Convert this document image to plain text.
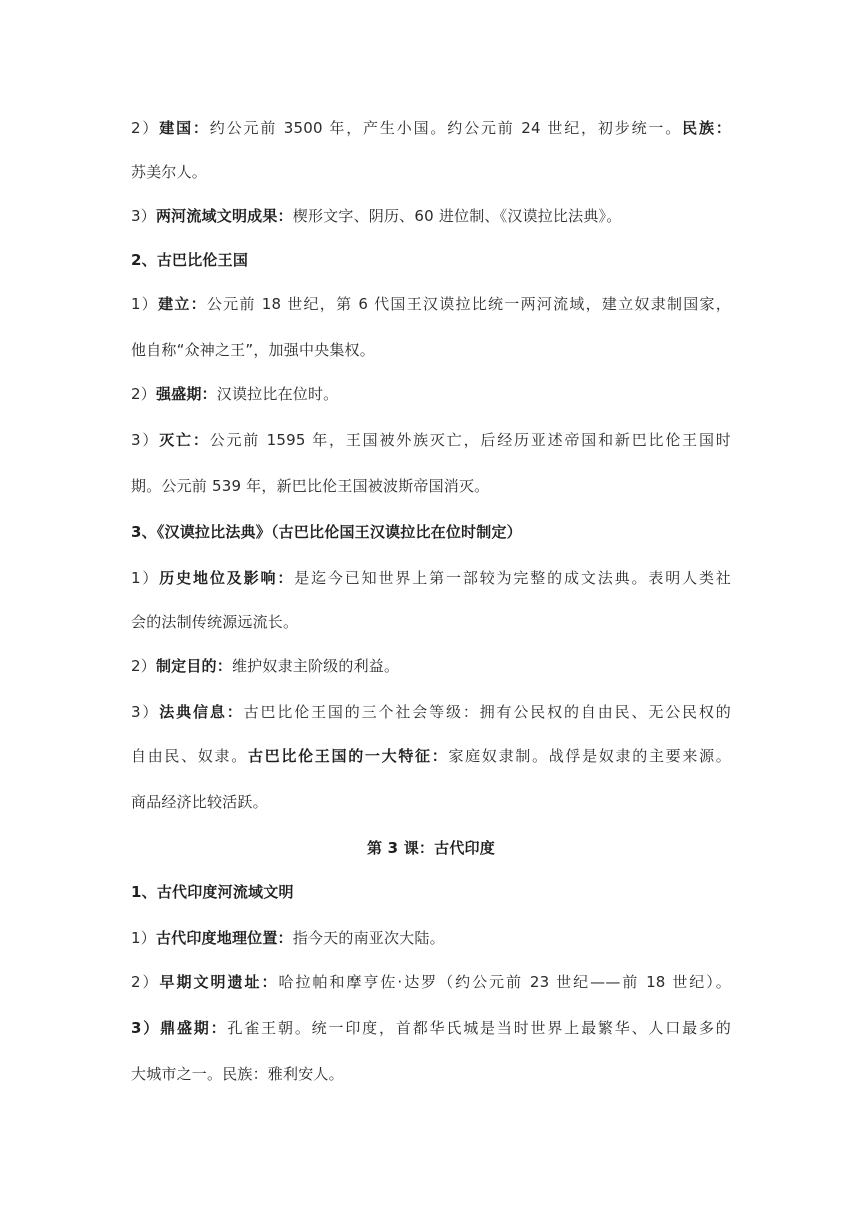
2）建国：约公元前 3500 年，产生小国。约公元前 24 世纪，初步统一。民族：
苏美尔人。
3）两河流域文明成果：楔形文字、阴历、60 进位制、《汉谟拉比法典》。
2、古巴比伦王国
1）建立：公元前 18 世纪，第 6 代国王汉谟拉比统一两河流域，建立奴隶制国家，
他自称“众神之王”，加强中央集权。
2）强盛期：汉谟拉比在位时。
3）灭亡：公元前 1595 年，王国被外族灭亡，后经历亚述帝国和新巴比伦王国时
期。公元前 539 年，新巴比伦王国被波斯帝国消灭。
3、《汉谟拉比法典》（古巴比伦国王汉谟拉比在位时制定）
1）历史地位及影响：是迄今已知世界上第一部较为完整的成文法典。表明人类社
会的法制传统源远流长。
2）制定目的：维护奴隶主阶级的利益。
3）法典信息：古巴比伦王国的三个社会等级：拥有公民权的自由民、无公民权的
自由民、奴隶。古巴比伦王国的一大特征：家庭奴隶制。战俘是奴隶的主要来源。
商品经济比较活跃。
第 3 课：古代印度
1、古代印度河流域文明
1）古代印度地理位置：指今天的南亚次大陆。
2）早期文明遗址：哈拉帕和摩亨佐·达罗（约公元前 23 世纪——前 18 世纪）。
3）鼎盛期：孔雀王朝。统一印度，首都华氏城是当时世界上最繁华、人口最多的
大城市之一。民族：雅利安人。
